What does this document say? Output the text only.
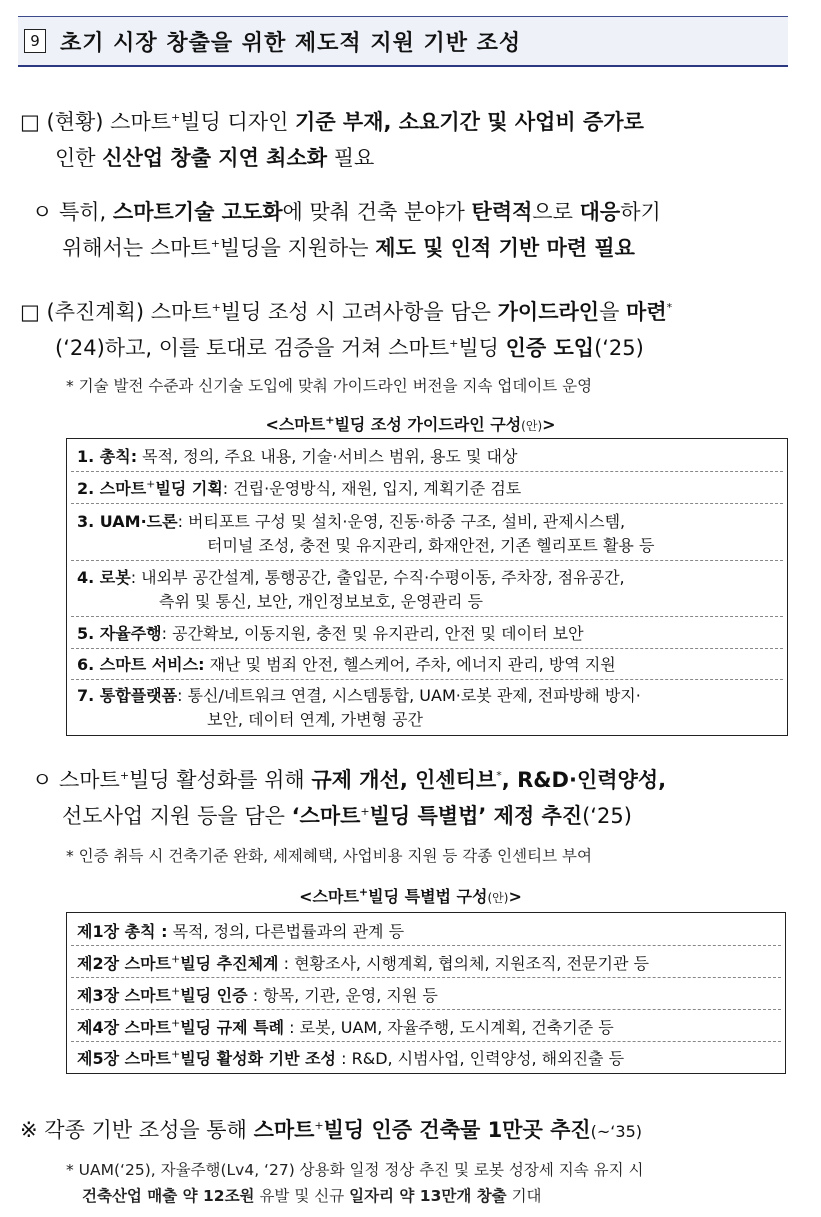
9 초기 시장 창출을 위한 제도적 지원 기반 조성
□ (현황) 스마트+빌딩 디자인 기준 부재, 소요기간 및 사업비 증가로
인한 신산업 창출 지연 최소화 필요
ㅇ 특히, 스마트기술 고도화에 맞춰 건축 분야가 탄력적으로 대응하기
위해서는 스마트+빌딩을 지원하는 제도 및 인적 기반 마련 필요
□ (추진계획) 스마트+빌딩 조성 시 고려사항을 담은 가이드라인을 마련*
(‘24)하고, 이를 토대로 검증을 거쳐 스마트+빌딩 인증 도입(‘25)
* 기술 발전 수준과 신기술 도입에 맞춰 가이드라인 버전을 지속 업데이트 운영
<스마트+빌딩 조성 가이드라인 구성(안)>
1. 총칙: 목적, 정의, 주요 내용, 기술·서비스 범위, 용도 및 대상
2. 스마트+빌딩 기획: 건립·운영방식, 재원, 입지, 계획기준 검토
3. UAM·드론: 버티포트 구성 및 설치·운영, 진동·하중 구조, 설비, 관제시스템,
터미널 조성, 충전 및 유지관리, 화재안전, 기존 헬리포트 활용 등
4. 로봇: 내외부 공간설계, 통행공간, 출입문, 수직·수평이동, 주차장, 점유공간,
측위 및 통신, 보안, 개인정보보호, 운영관리 등
5. 자율주행: 공간확보, 이동지원, 충전 및 유지관리, 안전 및 데이터 보안
6. 스마트 서비스: 재난 및 범죄 안전, 헬스케어, 주차, 에너지 관리, 방역 지원
7. 통합플랫폼: 통신/네트워크 연결, 시스템통합, UAM·로봇 관제, 전파방해 방지·
보안, 데이터 연계, 가변형 공간
ㅇ 스마트+빌딩 활성화를 위해 규제 개선, 인센티브*, R&D·인력양성,
선도사업 지원 등을 담은 ‘스마트+빌딩 특별법’ 제정 추진(‘25)
* 인증 취득 시 건축기준 완화, 세제혜택, 사업비용 지원 등 각종 인센티브 부여
<스마트+빌딩 특별법 구성(안)>
제1장 총칙 : 목적, 정의, 다른법률과의 관계 등
제2장 스마트+빌딩 추진체계 : 현황조사, 시행계획, 협의체, 지원조직, 전문기관 등
제3장 스마트+빌딩 인증 : 항목, 기관, 운영, 지원 등
제4장 스마트+빌딩 규제 특례 : 로봇, UAM, 자율주행, 도시계획, 건축기준 등
제5장 스마트+빌딩 활성화 기반 조성 : R&D, 시범사업, 인력양성, 해외진출 등
※ 각종 기반 조성을 통해 스마트+빌딩 인증 건축물 1만곳 추진(~‘35)
* UAM(‘25), 자율주행(Lv4, ‘27) 상용화 일정 정상 추진 및 로봇 성장세 지속 유지 시
건축산업 매출 약 12조원 유발 및 신규 일자리 약 13만개 창출 기대
